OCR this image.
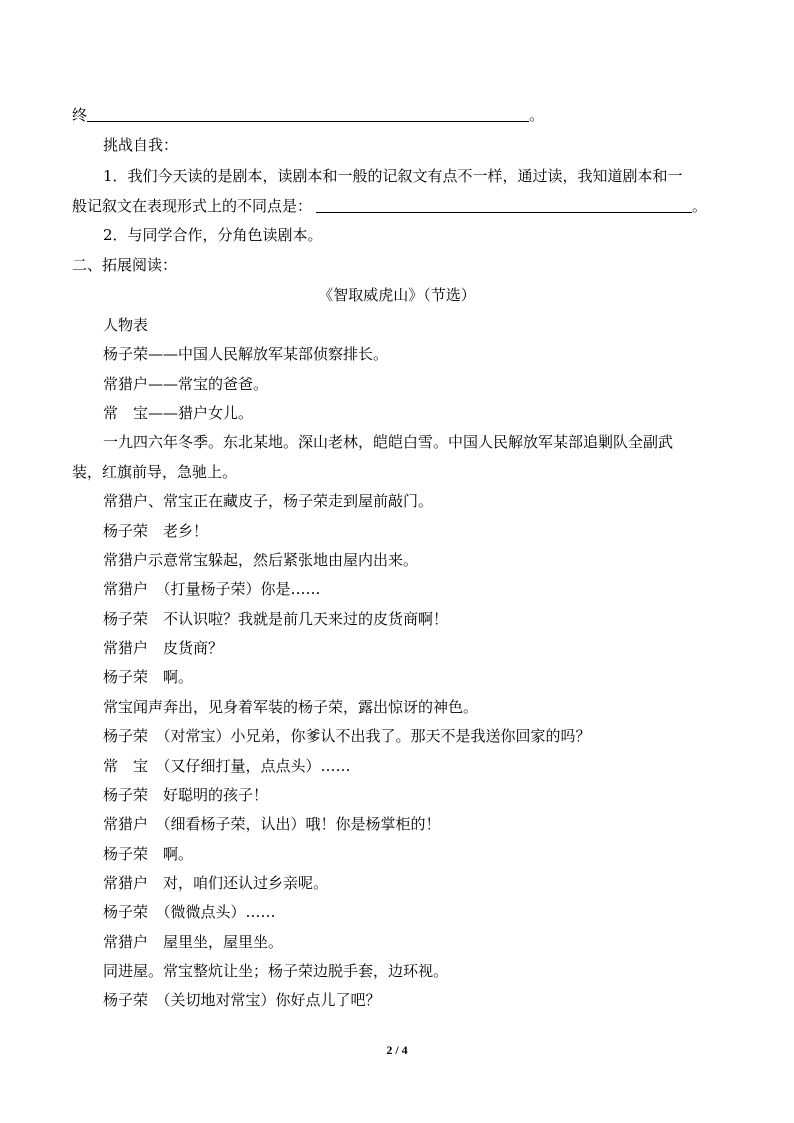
终	。
挑战自我：
1．我们今天读的是剧本，读剧本和一般的记叙文有点不一样，通过读，我知道剧本和一
般记叙文在表现形式上的不同点是：	。
2．与同学合作，分角色读剧本。
二、拓展阅读：
《智取威虎山》（节选）
人物表
杨子荣——中国人民解放军某部侦察排长。
常猎户——常宝的爸爸。
常　宝——猎户女儿。
一九四六年冬季。东北某地。深山老林，皑皑白雪。中国人民解放军某部追剿队全副武
装，红旗前导，急驰上。
常猎户、常宝正在藏皮子，杨子荣走到屋前敲门。
杨子荣　老乡！
常猎户示意常宝躲起，然后紧张地由屋内出来。
常猎户　（打量杨子荣）你是……
杨子荣　不认识啦？我就是前几天来过的皮货商啊！
常猎户　皮货商？
杨子荣　啊。
常宝闻声奔出，见身着军装的杨子荣，露出惊讶的神色。
杨子荣　（对常宝）小兄弟，你爹认不出我了。那天不是我送你回家的吗？
常　宝　（又仔细打量，点点头）……
杨子荣　好聪明的孩子！
常猎户　（细看杨子荣，认出）哦！你是杨掌柜的！
杨子荣　啊。
常猎户　对，咱们还认过乡亲呢。
杨子荣　（微微点头）……
常猎户　屋里坐，屋里坐。
同进屋。常宝整炕让坐；杨子荣边脱手套，边环视。
杨子荣　（关切地对常宝）你好点儿了吧？
2 / 4
